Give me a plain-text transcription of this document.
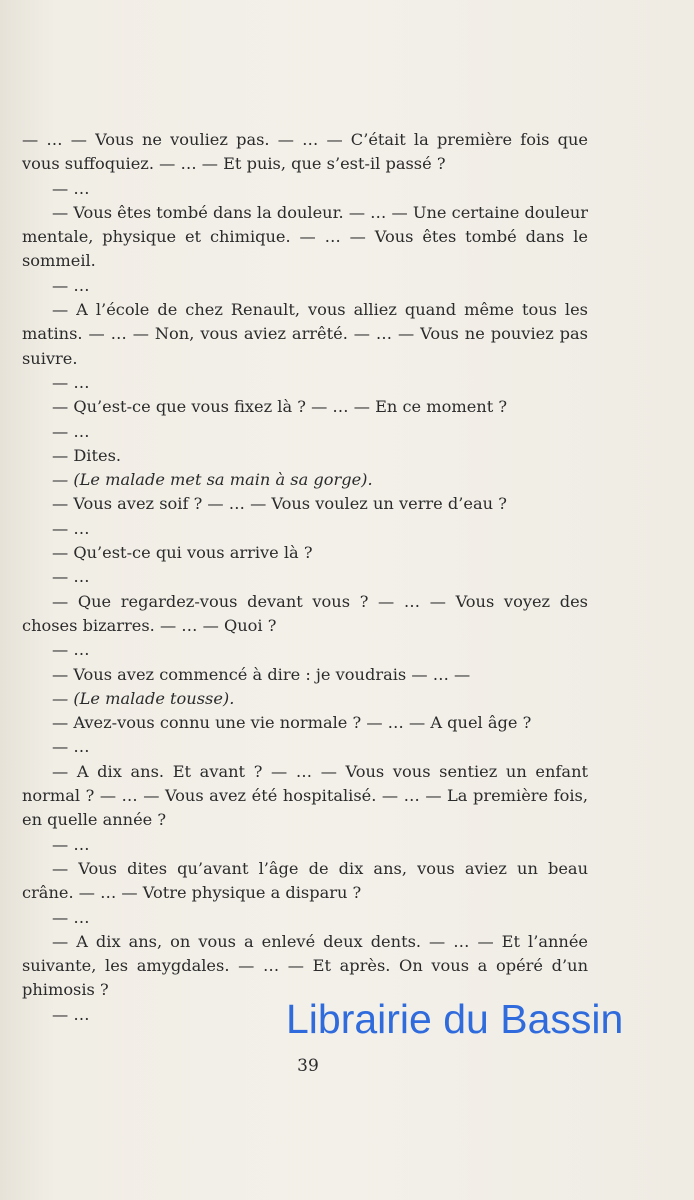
— … — Vous ne vouliez pas. — … — C’était la première fois que vous suffoquiez. — … — Et puis, que s’est-il passé ?

— …

— Vous êtes tombé dans la douleur. — … — Une certaine douleur mentale, physique et chimique. — … — Vous êtes tombé dans le sommeil.

— …

— A l’école de chez Renault, vous alliez quand même tous les matins. — … — Non, vous aviez arrêté. — … — Vous ne pouviez pas suivre.

— …

— Qu’est-ce que vous fixez là ? — … — En ce moment ?

— …

— Dites.

— (Le malade met sa main à sa gorge).

— Vous avez soif ? — … — Vous voulez un verre d’eau ?

— …

— Qu’est-ce qui vous arrive là ?

— …

— Que regardez-vous devant vous ? — … — Vous voyez des choses bizarres. — … — Quoi ?

— …

— Vous avez commencé à dire : je voudrais — … —

— (Le malade tousse).

— Avez-vous connu une vie normale ? — … — A quel âge ?

— …

— A dix ans. Et avant ? — … — Vous vous sentiez un enfant normal ? — … — Vous avez été hospitalisé. — … — La première fois, en quelle année ?

— …

— Vous dites qu’avant l’âge de dix ans, vous aviez un beau crâne. — … — Votre physique a disparu ?

— …

— A dix ans, on vous a enlevé deux dents. — … — Et l’année suivante, les amygdales. — … — Et après. On vous a opéré d’un phimosis ?

— …

39
Librairie du Bassin
